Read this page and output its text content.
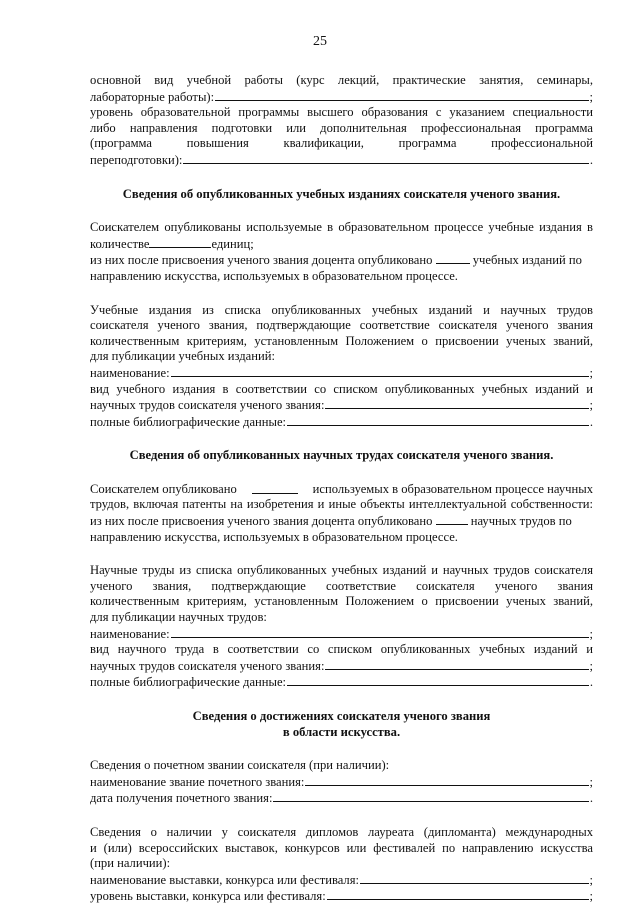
25
основной вид учебной работы (курс лекций, практические занятия, семинары,
лабораторные работы):	;
уровень образовательной программы высшего образования с указанием специальности
либо направления подготовки или дополнительная профессиональная программа
(программа повышения квалификации, программа профессиональной
переподготовки):	.
Сведения об опубликованных учебных изданиях соискателя ученого звания.
Соискателем опубликованы используемые в образовательном процессе учебные издания в
количестве	единиц;
из них после присвоения ученого звания доцента опубликовано	учебных изданий по
направлению искусства, используемых в образовательном процессе.
Учебные издания из списка опубликованных учебных изданий и научных трудов
соискателя ученого звания, подтверждающие соответствие соискателя ученого звания
количественным критериям, установленным Положением о присвоении ученых званий,
для публикации учебных изданий:
наименование:	;
вид учебного издания в соответствии со списком опубликованных учебных изданий и
научных трудов соискателя ученого звания:	;
полные библиографические данные:	.
Сведения об опубликованных научных трудах соискателя ученого звания.
Соискателем опубликовано	используемых в образовательном процессе научных
трудов, включая патенты на изобретения и иные объекты интеллектуальной собственности:
из них после присвоения ученого звания доцента опубликовано	научных трудов по
направлению искусства, используемых в образовательном процессе.
Научные труды из списка опубликованных учебных изданий и научных трудов соискателя
ученого звания, подтверждающие соответствие соискателя ученого звания
количественным критериям, установленным Положением о присвоении ученых званий,
для публикации научных трудов:
наименование:	;
вид научного труда в соответствии со списком опубликованных учебных изданий и
научных трудов соискателя ученого звания:	;
полные библиографические данные:	.
Сведения о достижениях соискателя ученого звания
в области искусства.
Сведения о почетном звании соискателя (при наличии):
наименование звание почетного звания:	;
дата получения почетного звания:	.
Сведения о наличии у соискателя дипломов лауреата (дипломанта) международных
и (или) всероссийских выставок, конкурсов или фестивалей по направлению искусства
(при наличии):
наименование выставки, конкурса или фестиваля:	;
уровень выставки, конкурса или фестиваля:	;
